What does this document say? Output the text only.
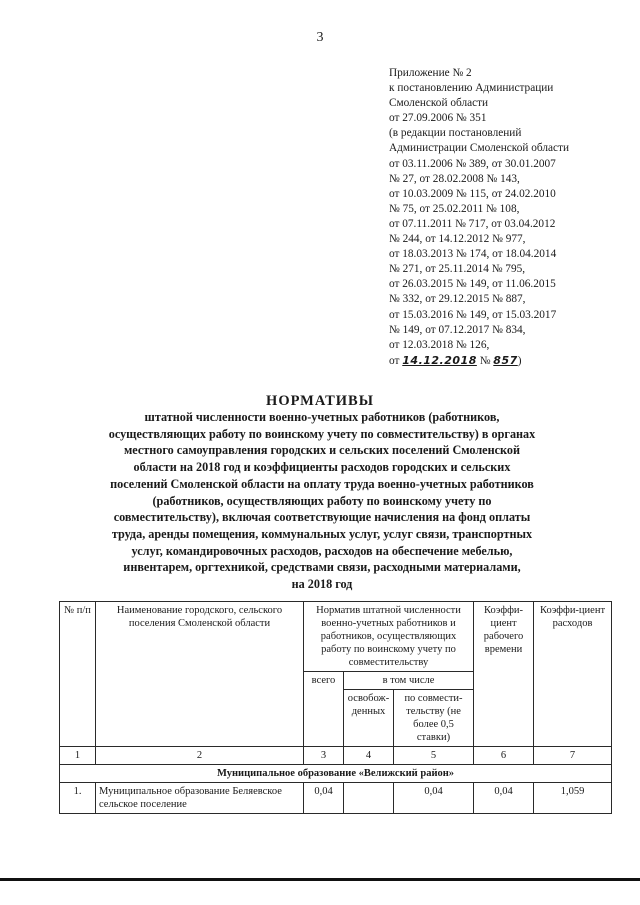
3
Приложение № 2
к постановлению Администрации
Смоленской области
от 27.09.2006 № 351
(в редакции постановлений
Администрации Смоленской области
от 03.11.2006 № 389, от 30.01.2007
№ 27, от 28.02.2008 № 143,
от 10.03.2009 № 115, от 24.02.2010
№ 75, от 25.02.2011 № 108,
от 07.11.2011 № 717, от 03.04.2012
№ 244, от 14.12.2012 № 977,
от 18.03.2013 № 174, от 18.04.2014
№ 271, от 25.11.2014 № 795,
от 26.03.2015 № 149, от 11.06.2015
№ 332, от 29.12.2015 № 887,
от 15.03.2016 № 149, от 15.03.2017
№ 149, от 07.12.2017 № 834,
от 12.03.2018 № 126,
от 14.12.2018 № 857)
НОРМАТИВЫ
штатной численности военно-учетных работников (работников,
осуществляющих работу по воинскому учету по совместительству) в органах
местного самоуправления городских и сельских поселений Смоленской
области на 2018 год и коэффициенты расходов городских и сельских
поселений Смоленской области на оплату труда военно-учетных работников
(работников, осуществляющих работу по воинскому учету по
совместительству), включая соответствующие начисления на фонд оплаты
труда, аренды помещения, коммунальных услуг, услуг связи, транспортных
услуг, командировочных расходов, расходов на обеспечение мебелью,
инвентарем, оргтехникой, средствами связи, расходными материалами,
на 2018 год
№ п/п	Наименование городского, сельского поселения Смоленской области	Норматив штатной численности военно-учетных работников и работников, осуществляющих работу по воинскому учету по совместительству			Коэффи-циент рабочего времени	Коэффи-циент расходов
		всего	в том числе			
			освобож-денных	по совмести-тельству (не более 0,5 ставки)		
1	2	3	4	5	6	7
Муниципальное образование «Велижский район»						
1.	Муниципальное образование Беляевское сельское поселение	0,04		0,04	0,04	1,059
